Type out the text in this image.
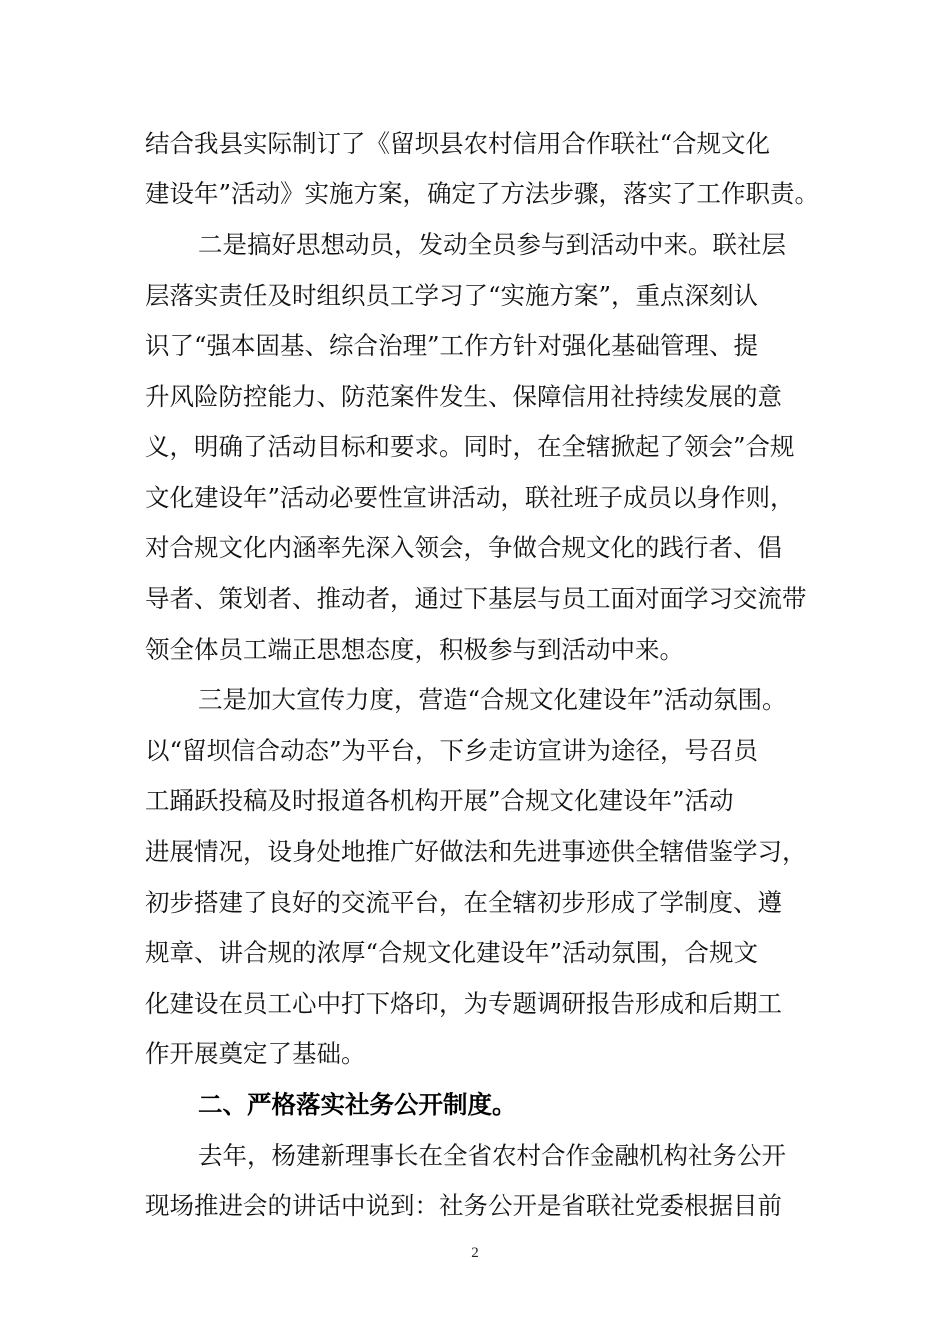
结合我县实际制订了《留坝县农村信用合作联社“合规文化
建设年”活动》实施方案，确定了方法步骤，落实了工作职责。
二是搞好思想动员，发动全员参与到活动中来。联社层
层落实责任及时组织员工学习了“实施方案”，重点深刻认
识了“强本固基、综合治理”工作方针对强化基础管理、提
升风险防控能力、防范案件发生、保障信用社持续发展的意
义，明确了活动目标和要求。同时，在全辖掀起了领会”合规
文化建设年”活动必要性宣讲活动，联社班子成员以身作则，
对合规文化内涵率先深入领会，争做合规文化的践行者、倡
导者、策划者、推动者，通过下基层与员工面对面学习交流带
领全体员工端正思想态度，积极参与到活动中来。
三是加大宣传力度，营造“合规文化建设年”活动氛围。
以“留坝信合动态”为平台，下乡走访宣讲为途径，号召员
工踊跃投稿及时报道各机构开展”合规文化建设年”活动
进展情况，设身处地推广好做法和先进事迹供全辖借鉴学习，
初步搭建了良好的交流平台，在全辖初步形成了学制度、遵
规章、讲合规的浓厚“合规文化建设年”活动氛围，合规文
化建设在员工心中打下烙印，为专题调研报告形成和后期工
作开展奠定了基础。
二、严格落实社务公开制度。
去年，杨建新理事长在全省农村合作金融机构社务公开
现场推进会的讲话中说到：社务公开是省联社党委根据目前
2
